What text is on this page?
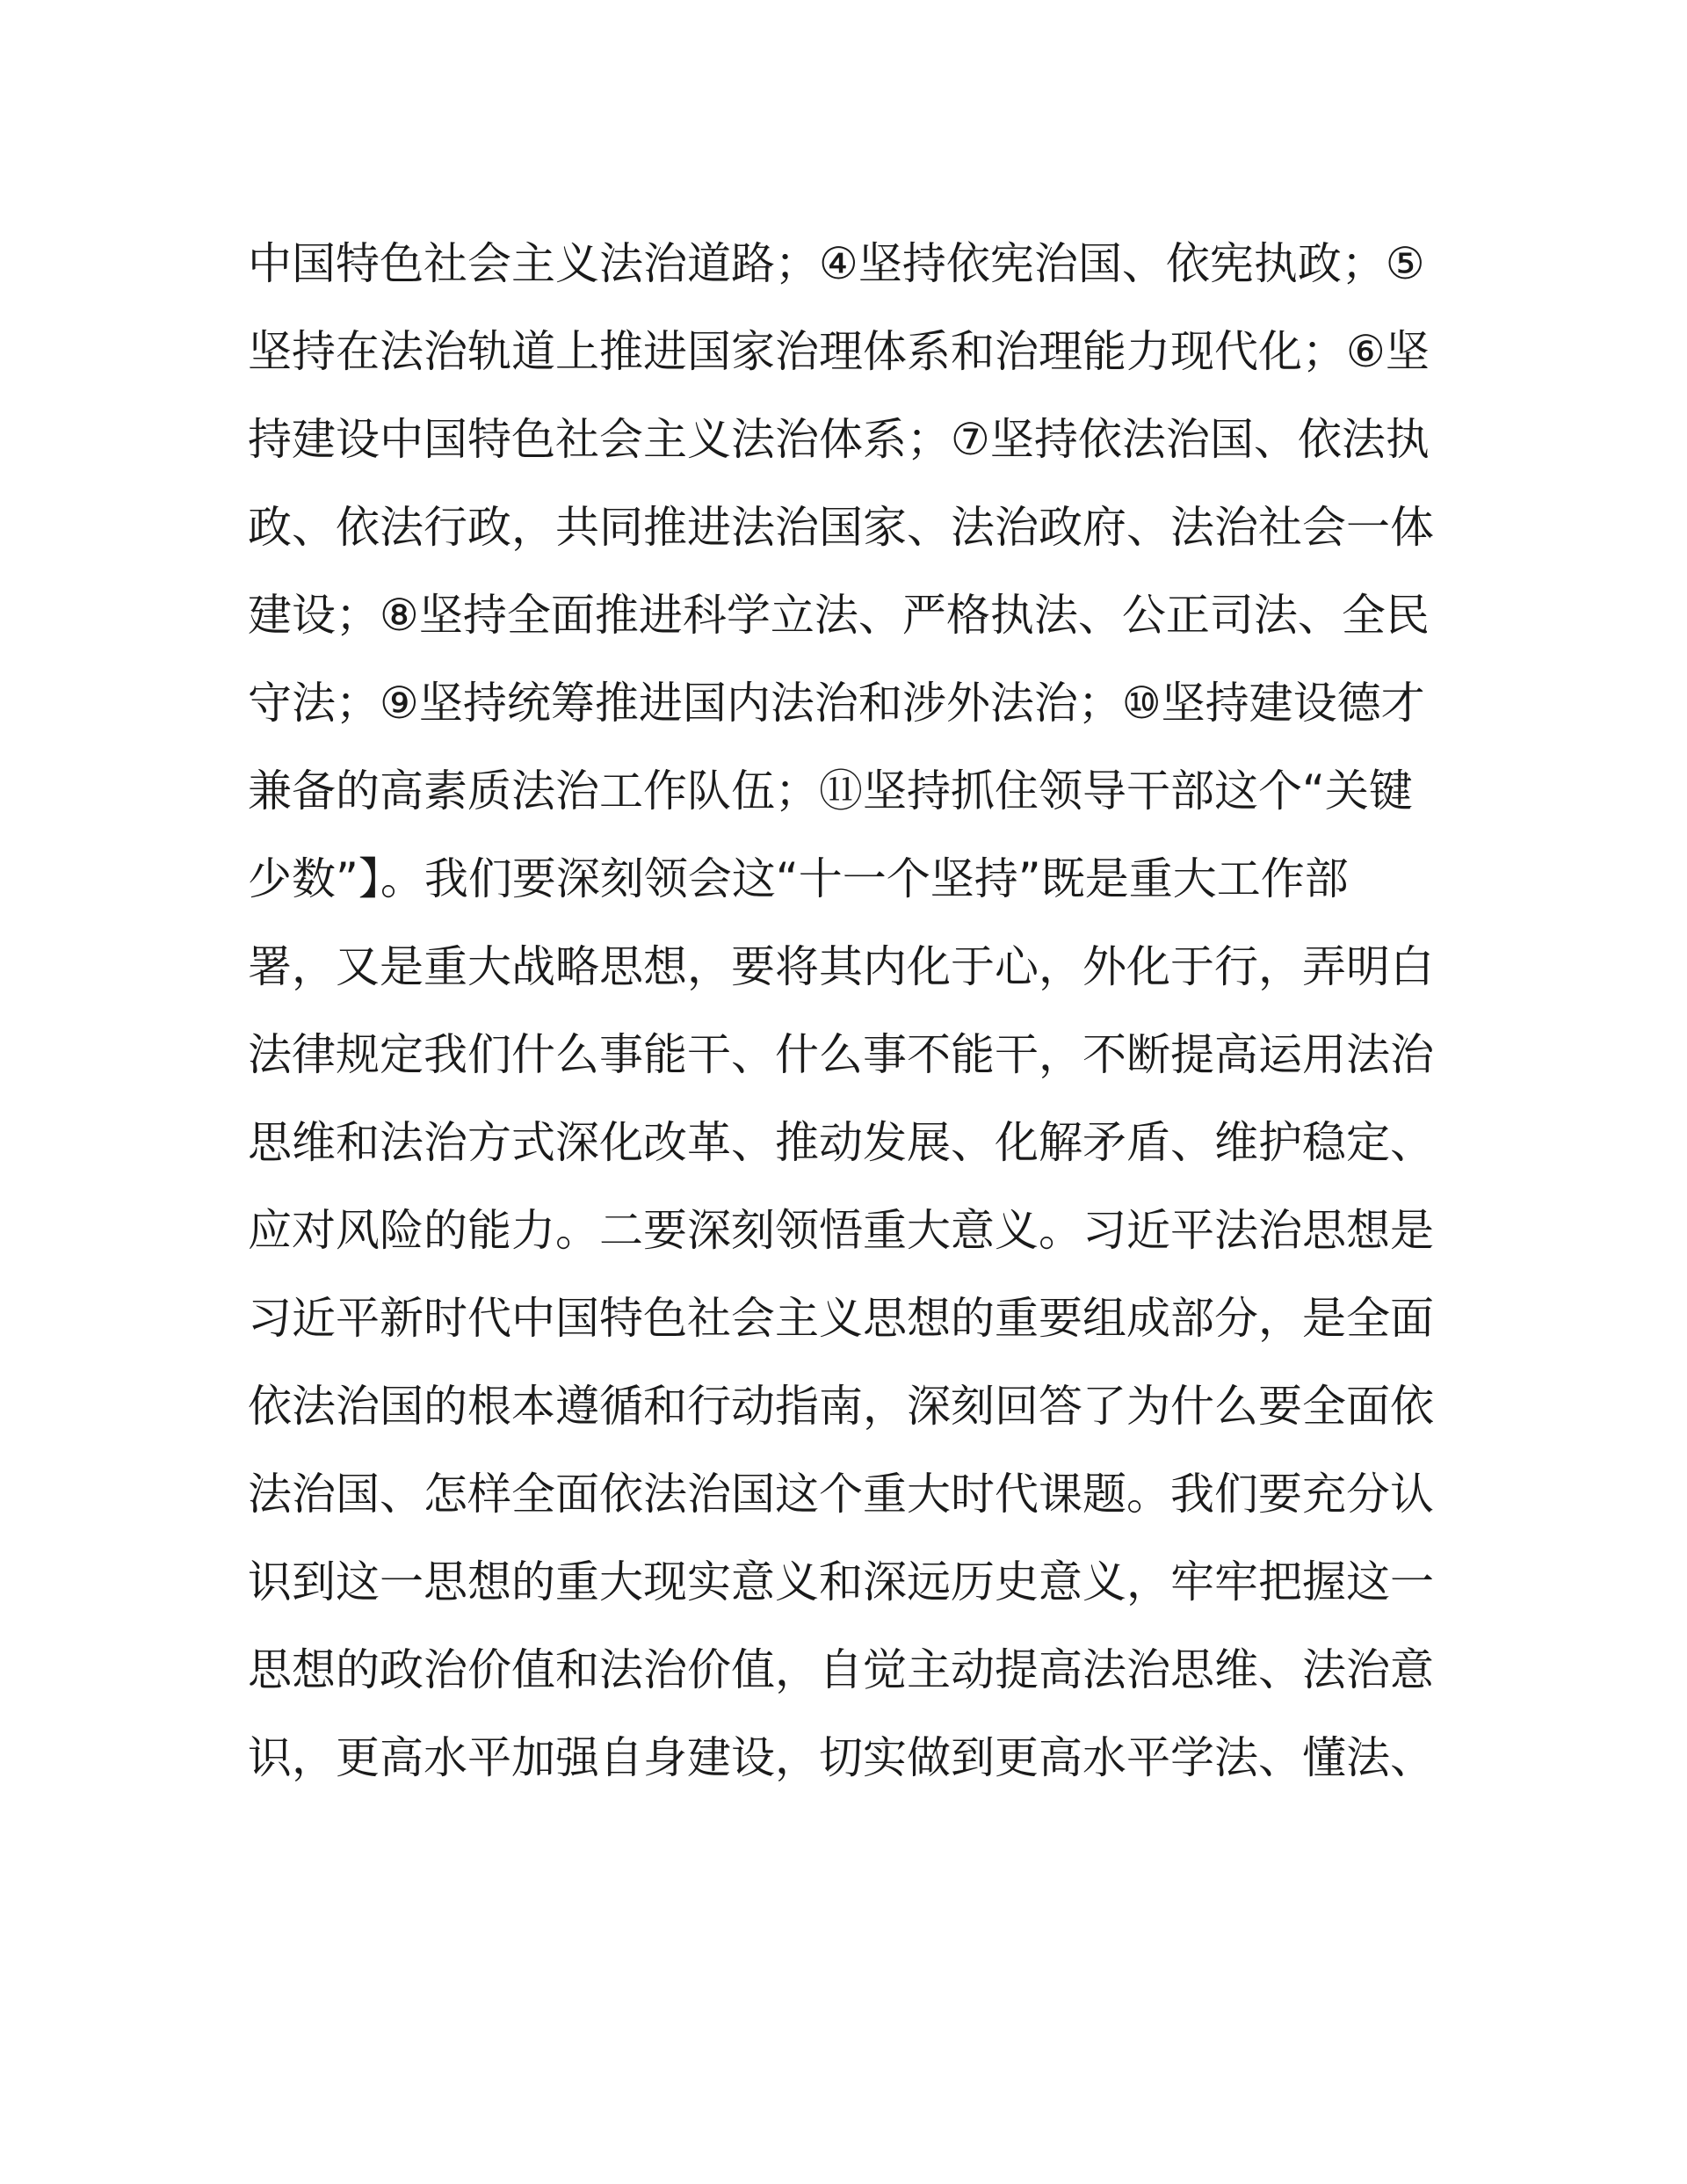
中国特色社会主义法治道路；④坚持依宪治国、依宪执政；⑤
坚持在法治轨道上推进国家治理体系和治理能力现代化；⑥坚
持建设中国特色社会主义法治体系；⑦坚持依法治国、依法执
政、依法行政，共同推进法治国家、法治政府、法治社会一体
建设；⑧坚持全面推进科学立法、严格执法、公正司法、全民
守法；⑨坚持统筹推进国内法治和涉外法治；⑩坚持建设德才
兼备的高素质法治工作队伍；⑪坚持抓住领导干部这个“关键
少数”】。我们要深刻领会这“十一个坚持”既是重大工作部
署，又是重大战略思想，要将其内化于心，外化于行，弄明白
法律规定我们什么事能干、什么事不能干，不断提高运用法治
思维和法治方式深化改革、推动发展、化解矛盾、维护稳定、
应对风险的能力。二要深刻领悟重大意义。习近平法治思想是
习近平新时代中国特色社会主义思想的重要组成部分，是全面
依法治国的根本遵循和行动指南，深刻回答了为什么要全面依
法治国、怎样全面依法治国这个重大时代课题。我们要充分认
识到这一思想的重大现实意义和深远历史意义，牢牢把握这一
思想的政治价值和法治价值，自觉主动提高法治思维、法治意
识，更高水平加强自身建设，切实做到更高水平学法、懂法、
